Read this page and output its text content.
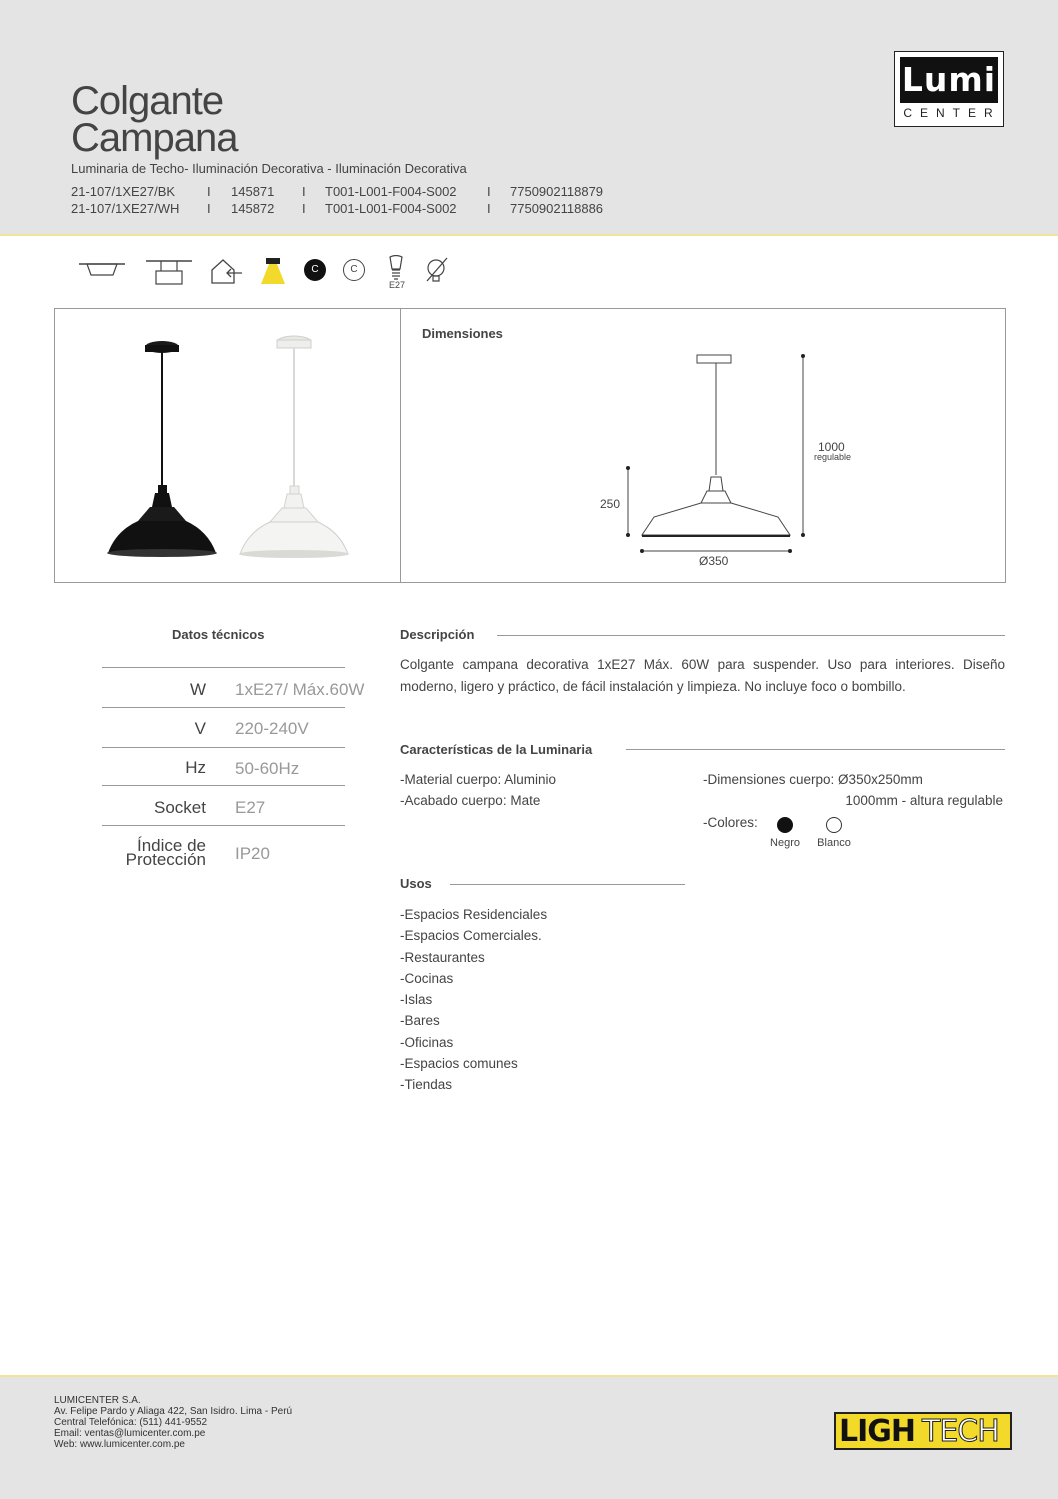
Colgante
Campana
Luminaria de Techo- Iluminación Decorativa - Iluminación Decorativa
21-107/1XE27/BK I 145871 I T001-L001-F004-S002 I 7750902118879
21-107/1XE27/WH I 145872 I T001-L001-F004-S002 I 7750902118886
Lumi
CENTER
C	C
E27
Dimensiones
1000
regulable
250
Ø350
Datos técnicos
W 1xE27/ Máx.60W
V 220-240V
Hz 50-60Hz
Socket E27
Índice de
Protección IP20
Descripción
Colgante campana decorativa 1xE27 Máx. 60W para suspender. Uso para interiores. Diseño
moderno, ligero y práctico, de fácil instalación y limpieza. No incluye foco o bombillo.
Características de la Luminaria
-Material cuerpo: Aluminio
-Acabado cuerpo: Mate
-Dimensiones cuerpo: Ø350x250mm
1000mm - altura regulable
-Colores:
Negro	Blanco
Usos
-Espacios Residenciales
-Espacios Comerciales.
-Restaurantes
-Cocinas
-Islas
-Bares
-Oficinas
-Espacios comunes
-Tiendas
LUMICENTER S.A.
Av. Felipe Pardo y Aliaga 422, San Isidro. Lima - Perú
Central Telefónica: (511) 441-9552
Email: ventas@lumicenter.com.pe
Web: www.lumicenter.com.pe	LIGH TECH
